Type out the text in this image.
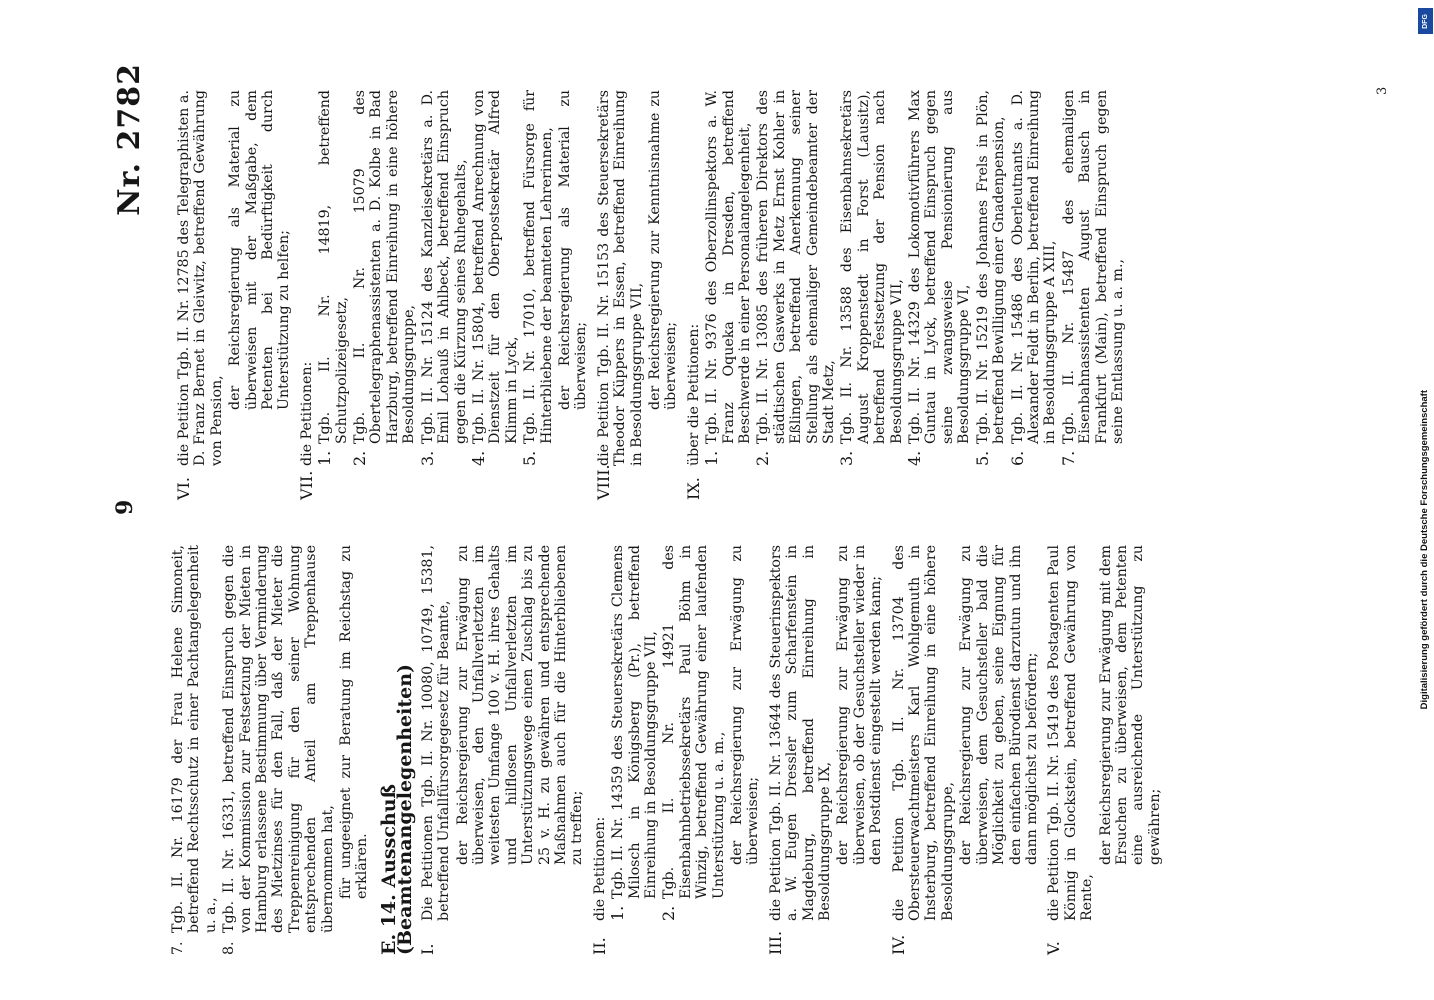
9
Nr. 2782
7.

Tgb. II. Nr. 16179 der Frau Helene Simoneit, betreffend Rechtsschutz in einer Pachtangelegenheit u. a.,

8.

Tgb. II. Nr. 16331, betreffend Einspruch gegen die von der Kommission zur Festsetzung der Mieten in Hamburg erlassene Bestimmung über Verminderung des Mietzinses für den Fall, daß der Mieter die Treppenreinigung für den seiner Wohnung entsprechenden Anteil am Treppenhause übernommen hat, für ungeeignet zur Beratung im Reichstag zu erklären. E. 14. Ausschuß (Beamtenangelegenheiten) I.

Die Petitionen Tgb. II. Nr. 10080, 10749, 15381, betreffend Unfallfürsorgegesetz für Beamte, der Reichsregierung zur Erwägung zu überweisen, den Unfallverletzten im weitesten Umfange 100 v. H. ihres Gehalts und hilflosen Unfallverletzten im Unterstützungswege einen Zuschlag bis zu 25 v. H. zu gewähren und entsprechende Maßnahmen auch für die Hinterbliebenen zu treffen;

II.

die Petitionen: 1.

Tgb. II. Nr. 14359 des Steuersekretärs Clemens Milosch in Königsberg (Pr.), betreffend Einreihung in Besoldungsgruppe VII,

2.

Tgb. II. Nr. 14921 des Eisenbahnbetriebssekretärs Paul Böhm in Winzig, betreffend Gewährung einer laufenden Unterstützung u. a. m., der Reichsregierung zur Erwägung zu überweisen;

III.

die Petition Tgb. II. Nr. 13644 des Steuerinspektors a. W. Eugen Dressler zum Scharfenstein in Magdeburg, betreffend Einreihung in Besoldungsgruppe IX, der Reichsregierung zur Erwägung zu überweisen, ob der Gesuchsteller wieder in den Postdienst eingestellt werden kann;

IV.

die Petition Tgb. II. Nr. 13704 des Obersteuerwachtmeisters Karl Wohlgemuth in Insterburg, betreffend Einreihung in eine höhere Besoldungsgruppe, der Reichsregierung zur Erwägung zu überweisen, dem Gesuchsteller bald die Möglichkeit zu geben, seine Eignung für den einfachen Bürodienst darzutun und ihn dann möglichst zu befördern;

V.

die Petition Tgb. II. Nr. 15419 des Postagenten Paul Könnig in Glockstein, betreffend Gewährung von Rente,

der Reichsregierung zur Erwägung mit dem Ersuchen zu überweisen, dem Petenten eine ausreichende Unterstützung zu gewähren;

VI.

die Petition Tgb. II. Nr. 12785 des Telegraphisten a. D. Franz Bernet in Gleiwitz, betreffend Gewährung von Pension,

der Reichsregierung als Material zu überweisen mit der Maßgabe, dem Petenten bei Bedürftigkeit durch Unterstützung zu helfen;

VII.

die Petitionen: 1.

Tgb. II. Nr. 14819, betreffend Schutzpolizeigesetz,

2.

Tgb. II. Nr. 15079 des Obertelegraphenassistenten a. D. Kolbe in Bad Harzburg, betreffend Einreihung in eine höhere Besoldungsgruppe,

3.

Tgb. II. Nr. 15124 des Kanzleisekretärs a. D. Emil Lohauß in Ahlbeck, betreffend Einspruch gegen die Kürzung seines Ruhegehalts,

4.

Tgb. II. Nr. 15804, betreffend Anrechnung von Dienstzeit für den Oberpostsekretär Alfred Klimm in Lyck,

5.

Tgb. II. Nr. 17010, betreffend Fürsorge für Hinterbliebene der beamteten Lehrerinnen, der Reichsregierung als Material zu überweisen;

VIII.

die Petition Tgb. II. Nr. 15153 des Steuersekretärs Theodor Küppers in Essen, betreffend Einreihung in Besoldungsgruppe VII, der Reichsregierung zur Kenntnisnahme zu überweisen;

IX.

über die Petitionen: 1.

Tgb. II. Nr. 9376 des Oberzollinspektors a. W. Franz Oqueka in Dresden, betreffend Beschwerde in einer Personalangelegenheit,

2.

Tgb. II. Nr. 13085 des früheren Direktors des städtischen Gaswerks in Metz Ernst Kohler in Eßlingen, betreffend Anerkennung seiner Stellung als ehemaliger Gemeindebeamter der Stadt Metz,

3.

Tgb. II. Nr. 13588 des Eisenbahnsekretärs August Kroppenstedt in Forst (Lausitz), betreffend Festsetzung der Pension nach Besoldungsgruppe VII,

4.

Tgb. II. Nr. 14329 des Lokomotivführers Max Guntau in Lyck, betreffend Einspruch gegen seine zwangsweise Pensionierung aus Besoldungsgruppe VI,

5.

Tgb. II. Nr. 15219 des Johannes Frels in Plön, betreffend Bewilligung einer Gnadenpension,

6.

Tgb. II. Nr. 15486 des Oberleutnants a. D. Alexander Feldt in Berlin, betreffend Einreihung in Besoldungsgruppe A XIII,

7.

Tgb. II. Nr. 15487 des ehemaligen Eisenbahnassistenten August Bausch in Frankfurt (Main), betreffend Einspruch gegen seine Entlassung u. a. m.,

3
DFG
Digitalisierung gefördert durch die Deutsche Forschungsgemeinschaft
